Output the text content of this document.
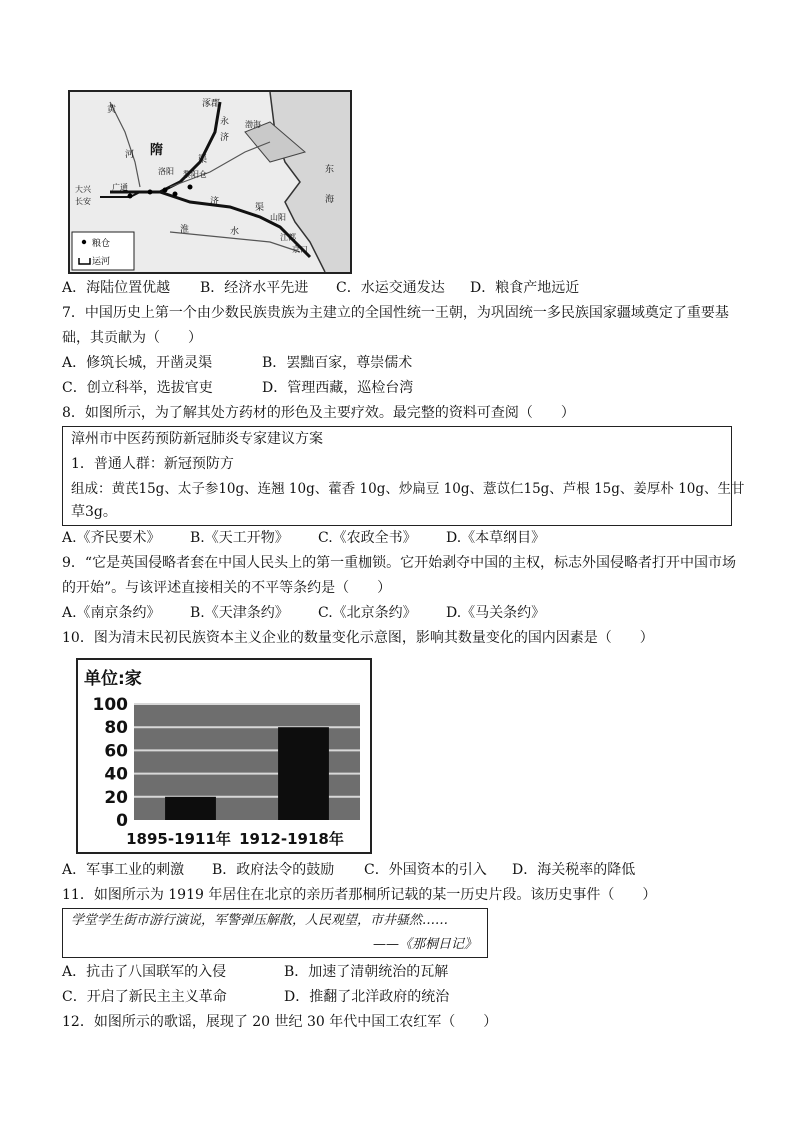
涿郡
永 渤海
济
渠
隋
黎阳仓
洛阳
济
渠
山阳
江都
京口
海
东
黄
河
大兴
长安
广通
淮	水
粮仓
运河
A．海陆位置优越 B．经济水平先进 C．水运交通发达 D．粮食产地远近
7．中国历史上第一个由少数民族贵族为主建立的全国性统一王朝，为巩固统一多民族国家疆域奠定了重要基
础，其贡献为（　　）
A．修筑长城，开凿灵渠	B．罢黜百家，尊崇儒术
C．创立科举，选拔官吏	D．管理西藏，巡检台湾
8．如图所示，为了解其处方药材的形色及主要疗效。最完整的资料可查阅（　　）
漳州市中医药预防新冠肺炎专家建议方案
1．普通人群：新冠预防方
组成：黄芪15g、太子参10g、连翘 10g、藿香 10g、炒扁豆 10g、薏苡仁15g、芦根 15g、姜厚朴 10g、生甘
草3g。
A.《齐民要术》 B.《天工开物》 C.《农政全书》 D.《本草纲目》
9．“它是英国侵略者套在中国人民头上的第一重枷锁。它开始剥夺中国的主权，标志外国侵略者打开中国市场
的开始”。与该评述直接相关的不平等条约是（　　）
A.《南京条约》 B.《天津条约》 C.《北京条约》 D.《马关条约》
10．图为清末民初民族资本主义企业的数量变化示意图，影响其数量变化的国内因素是（　　）
单位:家
100
80
60
40
20
0
1895-1911年 1912-1918年
A．军事工业的刺激 B．政府法令的鼓励 C．外国资本的引入 D．海关税率的降低
11．如图所示为 1919 年居住在北京的亲历者那桐所记载的某一历史片段。该历史事件（　　）
学堂学生街市游行演说，军警弹压解散，人民观望，市井骚然……
——《那桐日记》
A．抗击了八国联军的入侵	B．加速了清朝统治的瓦解
C．开启了新民主主义革命	D．推翻了北洋政府的统治
12．如图所示的歌谣，展现了 20 世纪 30 年代中国工农红军（　　）
